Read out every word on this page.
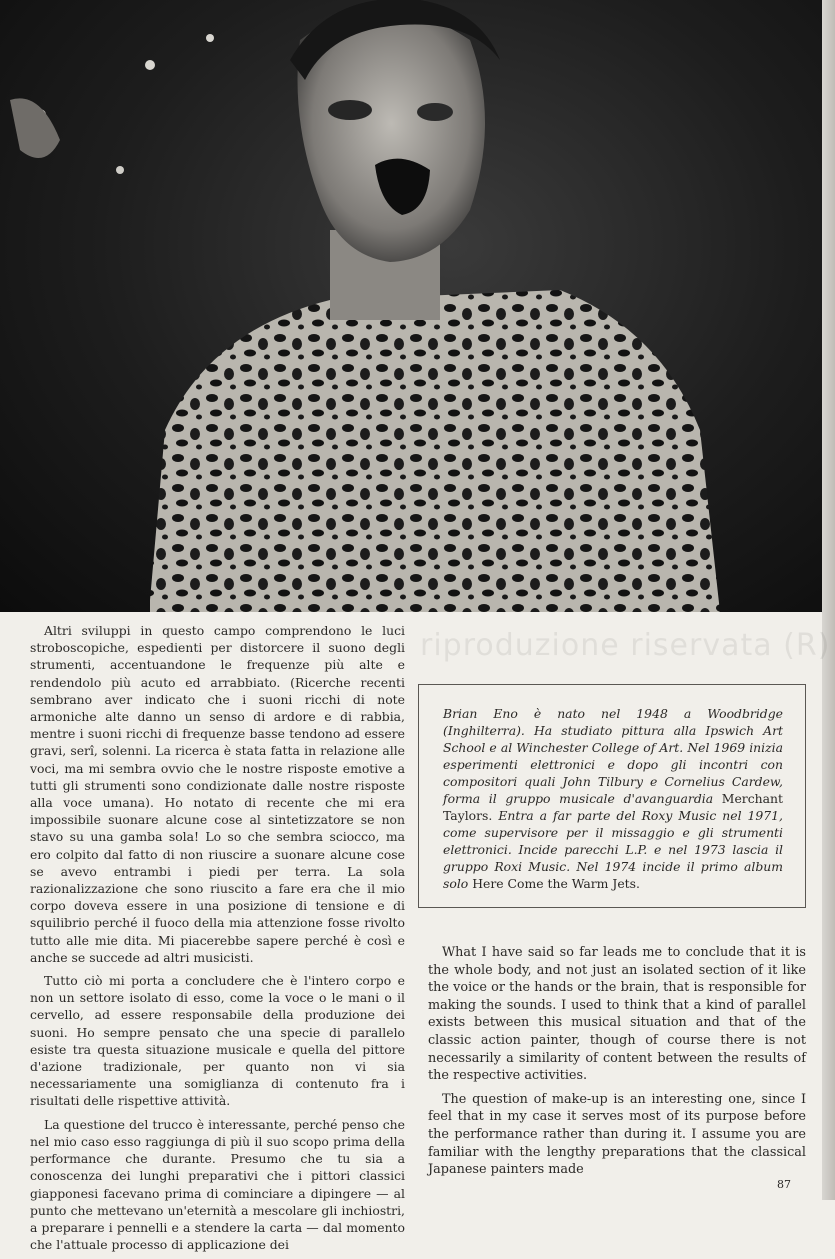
riproduzione riservata (R)

Altri sviluppi in questo campo comprendono le luci stroboscopiche, espedienti per distorcere il suono degli strumenti, accentuandone le frequenze più alte e rendendolo più acuto ed arrabbiato. (Ricerche recenti sembrano aver indicato che i suoni ricchi di note armoniche alte danno un senso di ardore e di rabbia, mentre i suoni ricchi di frequenze basse tendono ad essere gravi, serî, solenni. La ricerca è stata fatta in relazione alle voci, ma mi sembra ovvio che le nostre risposte emotive a tutti gli strumenti sono condizionate dalle nostre risposte alla voce umana). Ho notato di recente che mi era impossibile suonare alcune cose al sintetizzatore se non stavo su una gamba sola! Lo so che sembra sciocco, ma ero colpito dal fatto di non riuscire a suonare alcune cose se avevo entrambi i piedi per terra. La sola razionalizzazione che sono riuscito a fare era che il mio corpo doveva essere in una posizione di tensione e di squilibrio perché il fuoco della mia attenzione fosse rivolto tutto alle mie dita. Mi piacerebbe sapere perché è così e anche se succede ad altri musicisti.

Tutto ciò mi porta a concludere che è l'intero corpo e non un settore isolato di esso, come la voce o le mani o il cervello, ad essere responsabile della produzione dei suoni. Ho sempre pensato che una specie di parallelo esiste tra questa situazione musicale e quella del pittore d'azione tradizionale, per quanto non vi sia necessariamente una somiglianza di contenuto fra i risultati delle rispettive attività.

La questione del trucco è interessante, perché penso che nel mio caso esso raggiunga di più il suo scopo prima della performance che durante. Presumo che tu sia a conoscenza dei lunghi preparativi che i pittori classici giapponesi facevano prima di cominciare a dipingere — al punto che mettevano un'eternità a mescolare gli inchiostri, a preparare i pennelli e a stendere la carta — dal momento che l'attuale processo di applicazione dei

Brian Eno è nato nel 1948 a Woodbridge (Inghilterra). Ha studiato pittura alla Ipswich Art School e al Winchester College of Art. Nel 1969 inizia esperimenti elettronici e dopo gli incontri con compositori quali John Tilbury e Cornelius Cardew, forma il gruppo musicale d'avanguardia Merchant Taylors. Entra a far parte del Roxy Music nel 1971, come supervisore per il missaggio e gli strumenti elettronici. Incide parecchi L.P. e nel 1973 lascia il gruppo Roxi Music. Nel 1974 incide il primo album solo Here Come the Warm Jets.

What I have said so far leads me to conclude that it is the whole body, and not just an isolated section of it like the voice or the hands or the brain, that is responsible for making the sounds. I used to think that a kind of parallel exists between this musical situation and that of the classic action painter, though of course there is not necessarily a similarity of content between the results of the respective activities.

The question of make-up is an interesting one, since I feel that in my case it serves most of its purpose before the performance rather than during it. I assume you are familiar with the lengthy preparations that the classical Japanese painters made

87
